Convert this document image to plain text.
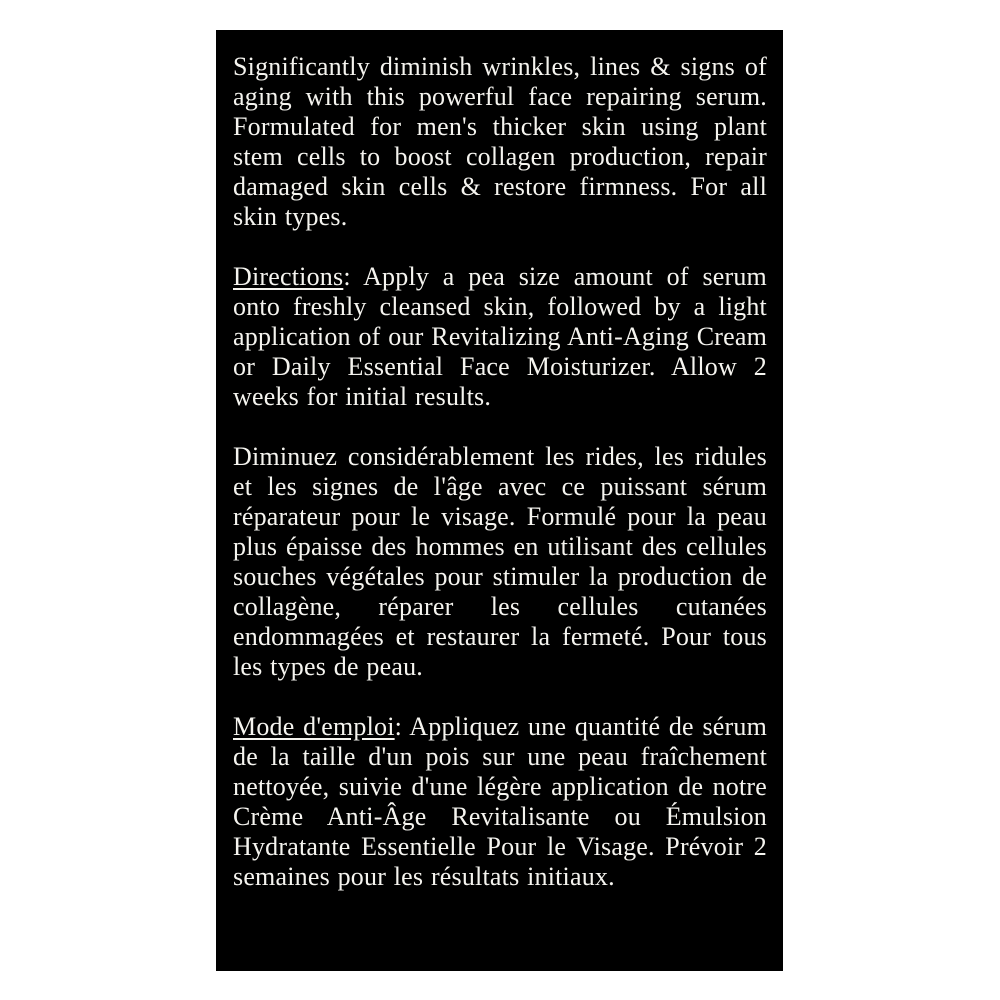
Significantly diminish wrinkles, lines & signs of aging with this powerful face repairing serum. Formulated for men's thicker skin using plant stem cells to boost collagen production, repair damaged skin cells & restore firmness. For all skin types.

Directions: Apply a pea size amount of serum onto freshly cleansed skin, followed by a light application of our Revitalizing Anti-Aging Cream or Daily Essential Face Moisturizer. Allow 2 weeks for initial results.

Diminuez considérablement les rides, les ridules et les signes de l'âge avec ce puissant sérum réparateur pour le visage. Formulé pour la peau plus épaisse des hommes en utilisant des cellules souches végétales pour stimuler la production de collagène, réparer les cellules cutanées endommagées et restaurer la fermeté. Pour tous les types de peau.

Mode d'emploi: Appliquez une quantité de sérum de la taille d'un pois sur une peau fraîchement nettoyée, suivie d'une légère application de notre Crème Anti-Âge Revitalisante ou Émulsion Hydratante Essentielle Pour le Visage. Prévoir 2 semaines pour les résultats initiaux.
